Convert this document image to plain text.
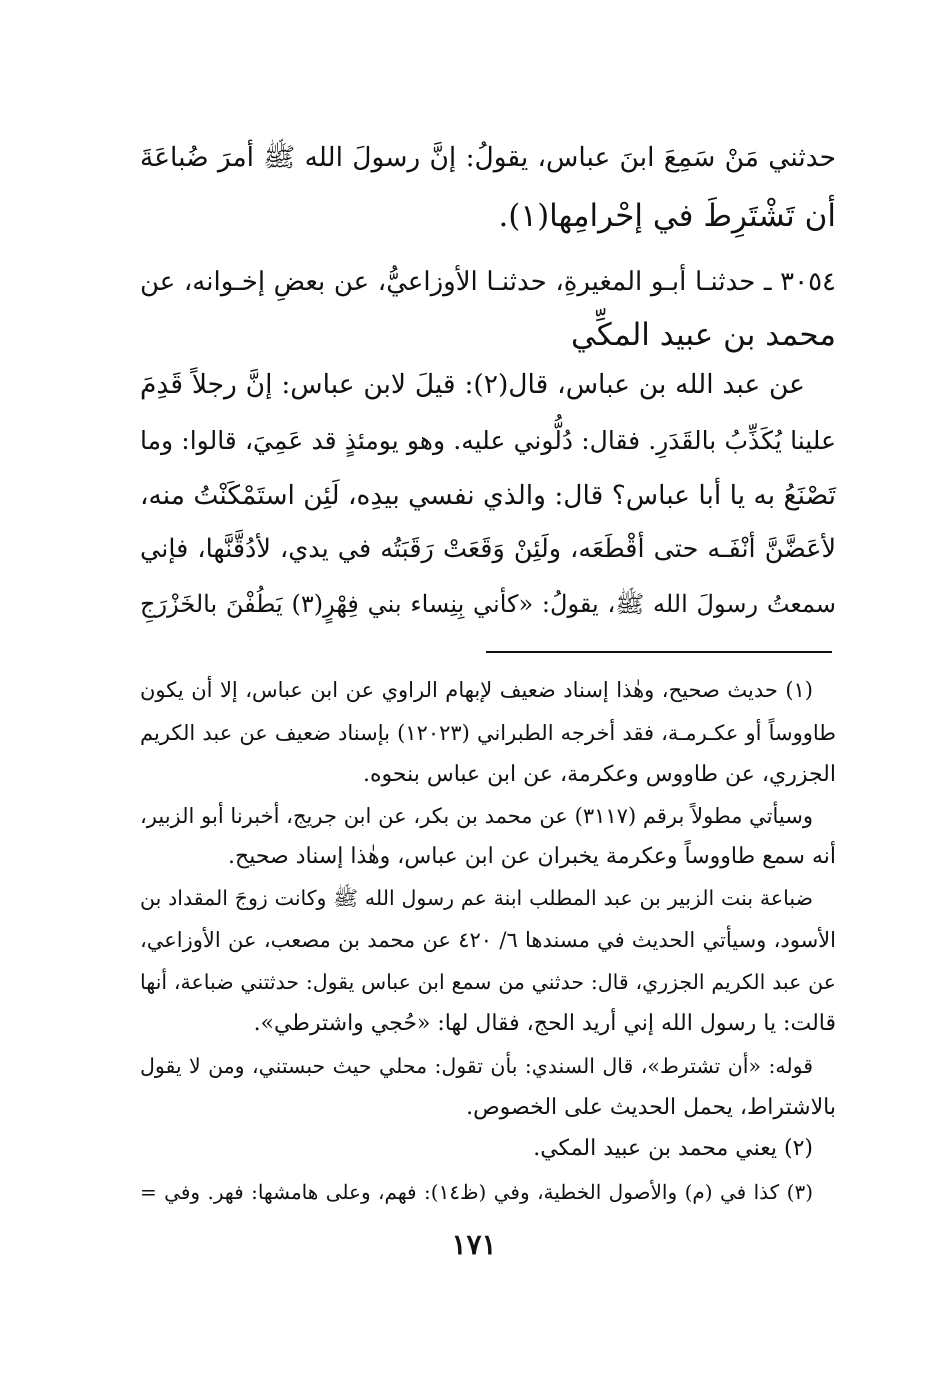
حدثني مَنْ سَمِعَ ابنَ عباس، يقولُ: إنَّ رسولَ الله ﷺ أمرَ ضُباعَةَ
أن تَشْتَرِطَ في إحْرامِها(١).
٣٠٥٤ ـ حدثنـا أبـو المغيرةِ، حدثنـا الأوزاعيُّ، عن بعضِ إخـوانه، عن
محمد بن عبيد المكِّي
عن عبد الله بن عباس، قال(٢): قيلَ لابن عباس: إنَّ رجلاً قَدِمَ
علينا يُكَذِّبُ بالقَدَرِ. فقال: دُلُّوني عليه. وهو يومئذٍ قد عَمِيَ، قالوا: وما
تَصْنَعُ به يا أبا عباس؟ قال: والذي نفسي بيدِه، لَئِن استَمْكَنْتُ منه،
لأعَضَّنَّ أنْفَـه حتى أقْطَعَه، ولَئِنْ وَقَعَتْ رَقَبَتُه في يدي، لأدُقَّنَّها، فإني
سمعتُ رسولَ الله ﷺ، يقولُ: «كأني بِنِساء بني فِهْرٍ(٣) يَطُفْنَ بالخَزْرَجِ
(١) حديث صحيح، وهٰذا إسناد ضعيف لإبهام الراوي عن ابن عباس، إلا أن يكون
طاووساً أو عكـرمـة، فقد أخرجه الطبراني (١٢٠٢٣) بإسناد ضعيف عن عبد الكريم
الجزري، عن طاووس وعكرمة، عن ابن عباس بنحوه.
وسيأتي مطولاً برقم (٣١١٧) عن محمد بن بكر، عن ابن جريج، أخبرنا أبو الزبير،
أنه سمع طاووساً وعكرمة يخبران عن ابن عباس، وهٰذا إسناد صحيح.
ضباعة بنت الزبير بن عبد المطلب ابنة عم رسول الله ﷺ وكانت زوجَ المقداد بن
الأسود، وسيأتي الحديث في مسندها ٦/ ٤٢٠ عن محمد بن مصعب، عن الأوزاعي،
عن عبد الكريم الجزري، قال: حدثني من سمع ابن عباس يقول: حدثتني ضباعة، أنها
قالت: يا رسول الله إني أريد الحج، فقال لها: «حُجي واشترطي».
قوله: «أن تشترط»، قال السندي: بأن تقول: محلي حيث حبستني، ومن لا يقول
بالاشتراط، يحمل الحديث على الخصوص.
(٢) يعني محمد بن عبيد المكي.
(٣) كذا في (م) والأصول الخطية، وفي (ظ١٤): فهم، وعلى هامشها: فهر. وفي =
١٧١
